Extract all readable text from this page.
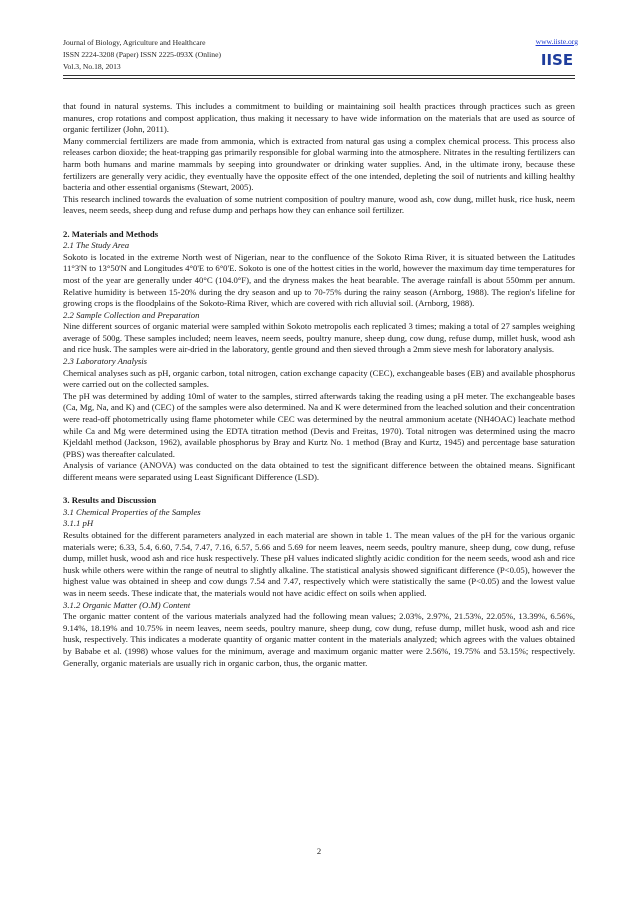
Journal of Biology, Agriculture and Healthcare
ISSN 2224-3208 (Paper) ISSN 2225-093X (Online)
Vol.3, No.18, 2013
www.iiste.org
IISE

that found in natural systems. This includes a commitment to building or maintaining soil health practices through practices such as green manures, crop rotations and compost application, thus making it necessary to have wide information on the materials that are used as source of organic fertilizer (John, 2011).

Many commercial fertilizers are made from ammonia, which is extracted from natural gas using a complex chemical process. This process also releases carbon dioxide; the heat-trapping gas primarily responsible for global warming into the atmosphere. Nitrates in the resulting fertilizers can harm both humans and marine mammals by seeping into groundwater or drinking water supplies. And, in the ultimate irony, because these fertilizers are generally very acidic, they eventually have the opposite effect of the one intended, depleting the soil of nutrients and killing healthy bacteria and other essential organisms (Stewart, 2005).

This research inclined towards the evaluation of some nutrient composition of poultry manure, wood ash, cow dung, millet husk, rice husk, neem leaves, neem seeds, sheep dung and refuse dump and perhaps how they can enhance soil fertilizer.

2. Materials and Methods

2.1 The Study Area

Sokoto is located in the extreme North west of Nigerian, near to the confluence of the Sokoto Rima River, it is situated between the Latitudes 11°3'N to 13°50'N and Longitudes 4°0'E to 6°0'E. Sokoto is one of the hottest cities in the world, however the maximum day time temperatures for most of the year are generally under 40°C (104.0°F), and the dryness makes the heat bearable. The average rainfall is about 550mm per annum. Relative humidity is between 15-20% during the dry season and up to 70-75% during the rainy season (Arnborg, 1988). The region's lifeline for growing crops is the floodplains of the Sokoto-Rima River, which are covered with rich alluvial soil. (Arnborg, 1988).

2.2 Sample Collection and Preparation

Nine different sources of organic material were sampled within Sokoto metropolis each replicated 3 times; making a total of 27 samples weighing average of 500g. These samples included; neem leaves, neem seeds, poultry manure, sheep dung, cow dung, refuse dump, millet husk, wood ash and rice husk. The samples were air-dried in the laboratory, gentle ground and then sieved through a 2mm sieve mesh for laboratory analysis.

2.3 Laboratory Analysis

Chemical analyses such as pH, organic carbon, total nitrogen, cation exchange capacity (CEC), exchangeable bases (EB) and available phosphorus were carried out on the collected samples.

The pH was determined by adding 10ml of water to the samples, stirred afterwards taking the reading using a pH meter. The exchangeable bases (Ca, Mg, Na, and K) and (CEC) of the samples were also determined. Na and K were determined from the leached solution and their concentration were read-off photometrically using flame photometer while CEC was determined by the neutral ammonium acetate (NH4OAC) leachate method while Ca and Mg were determined using the EDTA titration method (Devis and Freitas, 1970). Total nitrogen was determined using the macro Kjeldahl method (Jackson, 1962), available phosphorus by Bray and Kurtz No. 1 method (Bray and Kurtz, 1945) and percentage base saturation (PBS) was thereafter calculated.

Analysis of variance (ANOVA) was conducted on the data obtained to test the significant difference between the obtained means. Significant different means were separated using Least Significant Difference (LSD).

3. Results and Discussion

3.1 Chemical Properties of the Samples

3.1.1 pH

Results obtained for the different parameters analyzed in each material are shown in table 1. The mean values of the pH for the various organic materials were; 6.33, 5.4, 6.60, 7.54, 7.47, 7.16, 6.57, 5.66 and 5.69 for neem leaves, neem seeds, poultry manure, sheep dung, cow dung, refuse dump, millet husk, wood ash and rice husk respectively. These pH values indicated slightly acidic condition for the neem seeds, wood ash and rice husk while others were within the range of neutral to slightly alkaline. The statistical analysis showed significant difference (P<0.05), however the highest value was obtained in sheep and cow dungs 7.54 and 7.47, respectively which were statistically the same (P<0.05) and the lowest value was in neem seeds. These indicate that, the materials would not have acidic effect on soils when applied.

3.1.2 Organic Matter (O.M) Content

The organic matter content of the various materials analyzed had the following mean values; 2.03%, 2.97%, 21.53%, 22.05%, 13.39%, 6.56%, 9.14%, 18.19% and 10.75% in neem leaves, neem seeds, poultry manure, sheep dung, cow dung, refuse dump, millet husk, wood ash and rice husk, respectively. This indicates a moderate quantity of organic matter content in the materials analyzed; which agrees with the values obtained by Bababe et al. (1998) whose values for the minimum, average and maximum organic matter were 2.56%, 19.75% and 53.15%; respectively. Generally, organic materials are usually rich in organic carbon, thus, the organic matter.

2
